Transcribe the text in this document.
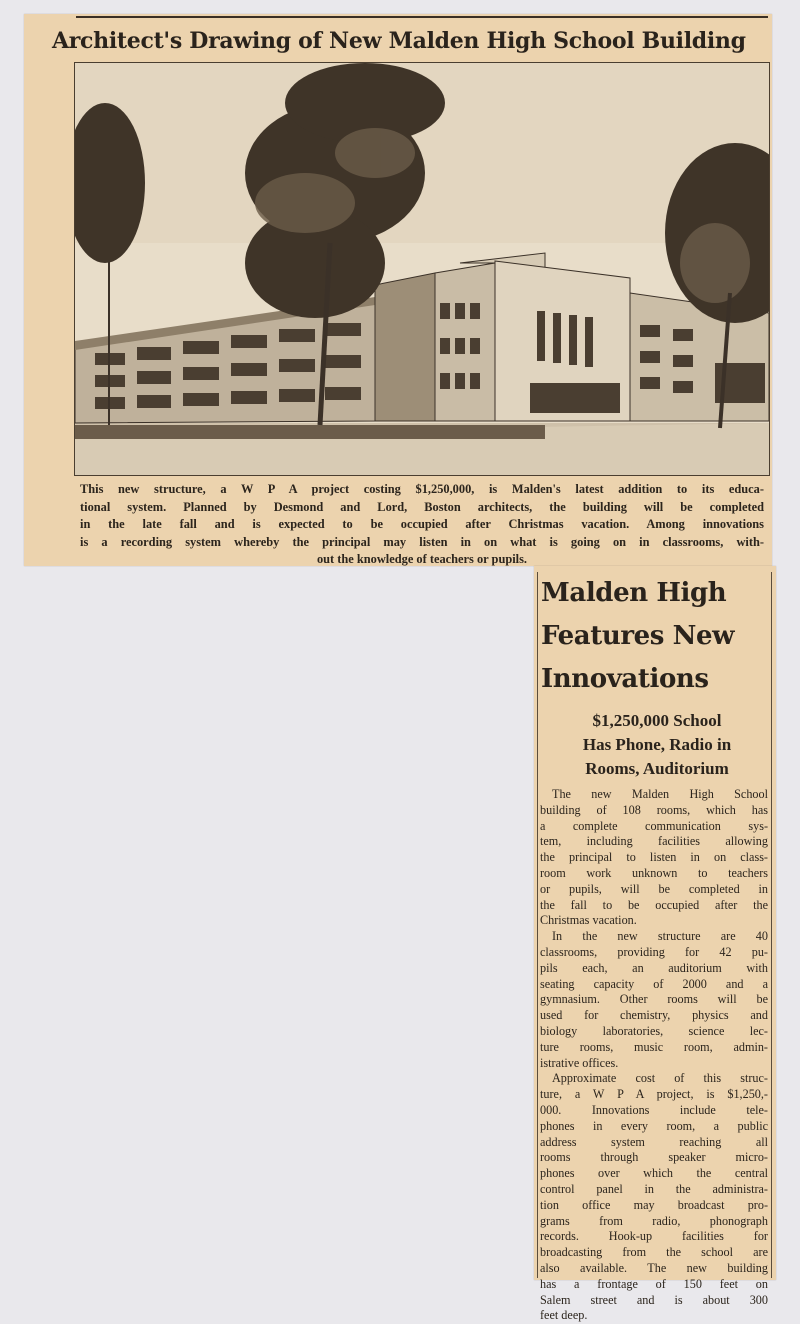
Architect's Drawing of New Malden High School Building
This new structure, a W P A project costing $1,250,000, is Malden's latest addition to its educa-
tional system. Planned by Desmond and Lord, Boston architects, the building will be completed
in the late fall and is expected to be occupied after Christmas vacation. Among innovations
is a recording system whereby the principal may listen in on what is going on in classrooms, with-
out the knowledge of teachers or pupils.
Malden High
Features New
Innovations
$1,250,000 School
Has Phone, Radio in
Rooms, Auditorium
The new Malden High School
building of 108 rooms, which has
a complete communication sys-
tem, including facilities allowing
the principal to listen in on class-
room work unknown to teachers
or pupils, will be completed in
the fall to be occupied after the
Christmas vacation.
In the new structure are 40
classrooms, providing for 42 pu-
pils each, an auditorium with
seating capacity of 2000 and a
gymnasium. Other rooms will be
used for chemistry, physics and
biology laboratories, science lec-
ture rooms, music room, admin-
istrative offices.
Approximate cost of this struc-
ture, a W P A project, is $1,250,-
000. Innovations include tele-
phones in every room, a public
address system reaching all
rooms through speaker micro-
phones over which the central
control panel in the administra-
tion office may broadcast pro-
grams from radio, phonograph
records. Hook-up facilities for
broadcasting from the school are
also available. The new building
has a frontage of 150 feet on
Salem street and is about 300
feet deep.
